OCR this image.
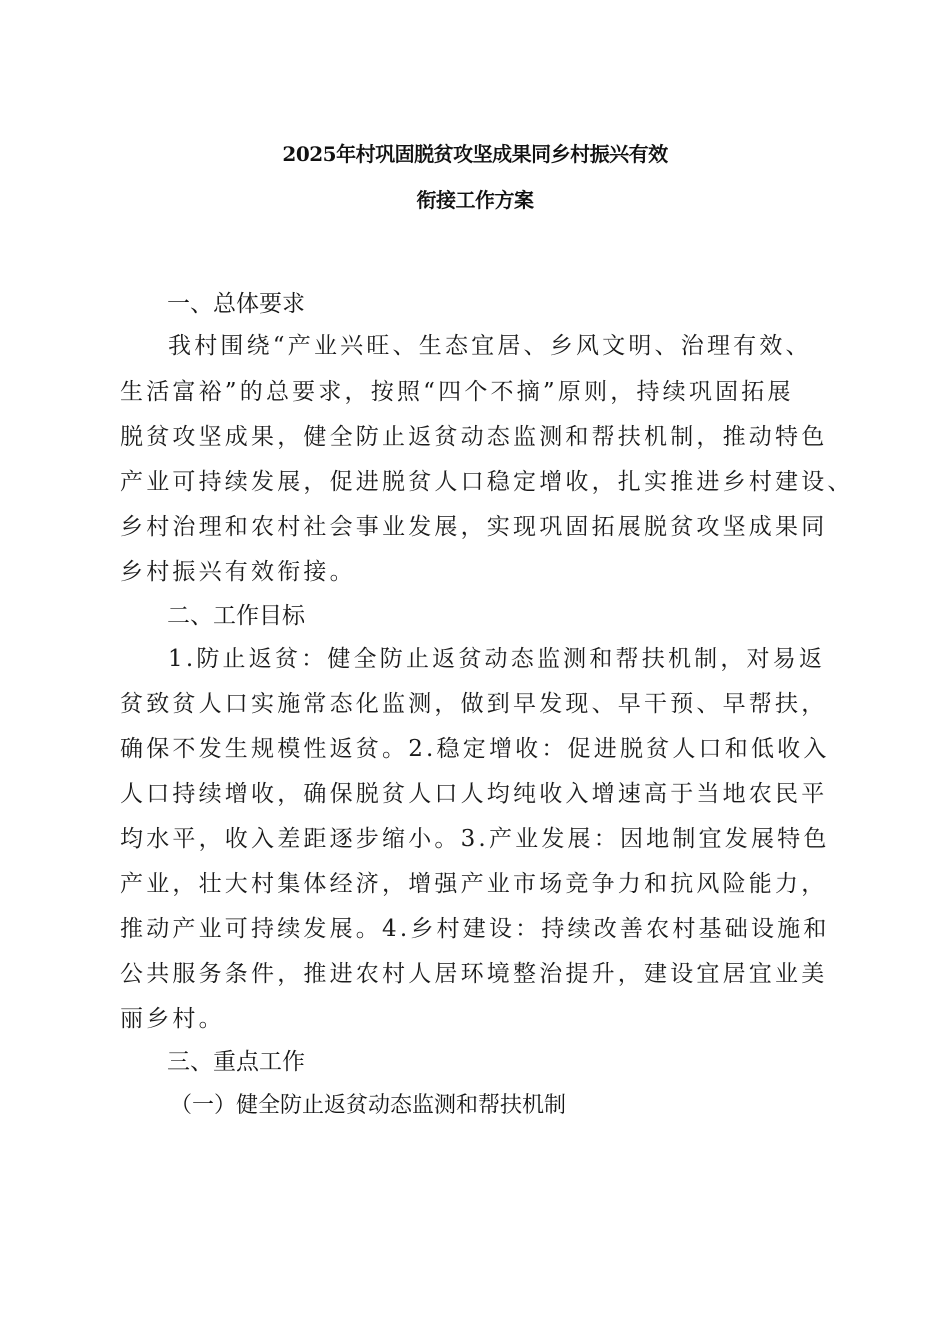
2025年村巩固脱贫攻坚成果同乡村振兴有效
衔接工作方案
一、总体要求
我村围绕“产业兴旺、生态宜居、乡风文明、治理有效、
生活富裕”的总要求，按照“四个不摘”原则，持续巩固拓展
脱贫攻坚成果，健全防止返贫动态监测和帮扶机制，推动特色
产业可持续发展，促进脱贫人口稳定增收，扎实推进乡村建设、
乡村治理和农村社会事业发展，实现巩固拓展脱贫攻坚成果同
乡村振兴有效衔接。
二、工作目标
1.防止返贫：健全防止返贫动态监测和帮扶机制，对易返
贫致贫人口实施常态化监测，做到早发现、早干预、早帮扶，
确保不发生规模性返贫。2.稳定增收：促进脱贫人口和低收入
人口持续增收，确保脱贫人口人均纯收入增速高于当地农民平
均水平，收入差距逐步缩小。3.产业发展：因地制宜发展特色
产业，壮大村集体经济，增强产业市场竞争力和抗风险能力，
推动产业可持续发展。4.乡村建设：持续改善农村基础设施和
公共服务条件，推进农村人居环境整治提升，建设宜居宜业美
丽乡村。
三、重点工作
（一）健全防止返贫动态监测和帮扶机制
